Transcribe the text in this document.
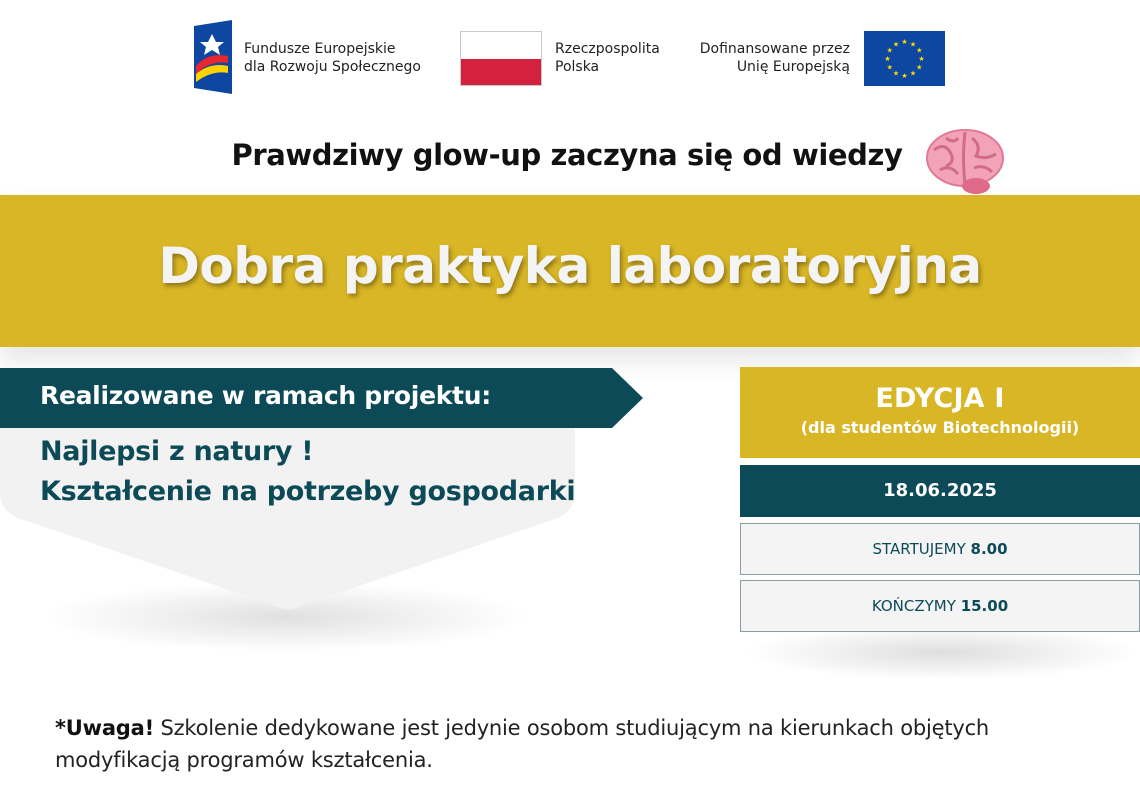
Fundusze Europejskie
dla Rozwoju Społecznego
Rzeczpospolita
Polska
Dofinansowane przez
Unię Europejską
★ ★
★
★
★
★
★
★
★
★
★
★
Prawdziwy glow-up zaczyna się od wiedzy
Dobra praktyka laboratoryjna
Realizowane w ramach projektu:
Najlepsi z natury !
Kształcenie na potrzeby gospodarki
EDYCJA I
(dla studentów Biotechnologii)
18.06.2025
STARTUJEMY 8.00
KOŃCZYMY 15.00
*Uwaga! Szkolenie dedykowane jest jedynie osobom studiującym na kierunkach objętych modyfikacją programów kształcenia.
